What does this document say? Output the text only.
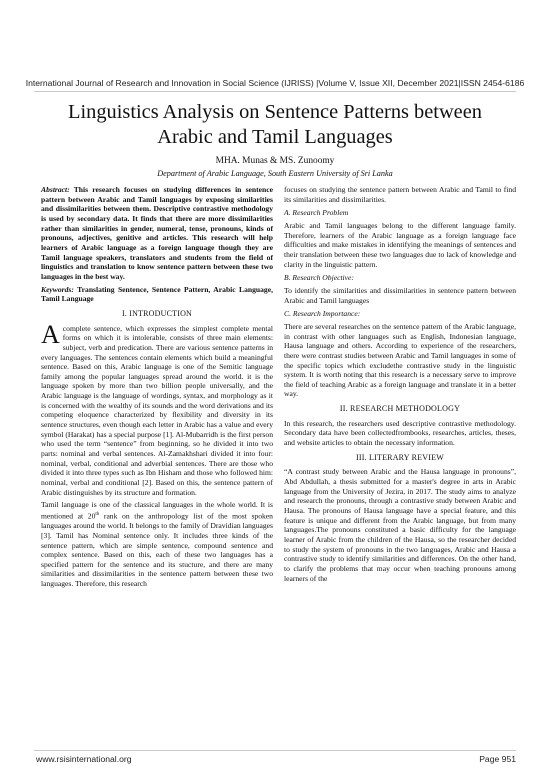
International Journal of Research and Innovation in Social Science (IJRISS) |Volume V, Issue XII, December 2021|ISSN 2454-6186
Linguistics Analysis on Sentence Patterns between
Arabic and Tamil Languages
MHA. Munas & MS. Zunoomy
Department of Arabic Language, South Eastern University of Sri Lanka

Abstract: This research focuses on studying differences in sentence pattern between Arabic and Tamil languages by exposing similarities and dissimilarities between them. Descriptive contrastive methodology is used by secondary data. It finds that there are more dissimilarities rather than similarities in gender, numeral, tense, pronouns, kinds of pronouns, adjectives, genitive and articles. This research will help learners of Arabic language as a foreign language though they are Tamil language speakers, translators and students from the field of linguistics and translation to know sentence pattern between these two languages in the best way.

Keywords: Translating Sentence, Sentence Pattern, Arabic Language, Tamil Language

I. INTRODUCTION

Acomplete sentence, which expresses the simplest complete mental forms on which it is intolerable, consists of three main elements: subject, verb and predication. There are various sentence patterns in every languages. The sentences contain elements which build a meaningful sentence. Based on this, Arabic language is one of the Semitic language family among the popular languages spread around the world. it is the language spoken by more than two billion people universally, and the Arabic language is the language of wordings, syntax, and morphology as it is concerned with the wealthy of its sounds and the word derivations and its competing eloquence characterized by flexibility and diversity in its sentence structures, even though each letter in Arabic has a value and every symbol (Harakat) has a special purpose [1]. Al-Mubarridh is the first person who used the term “sentence” from beginning, so he divided it into two parts: nominal and verbal sentences. Al-Zamakhshari divided it into four: nominal, verbal, conditional and adverbial sentences. There are those who divided it into three types such as Ibn Hisham and those who followed him: nominal, verbal and conditional [2]. Based on this, the sentence pattern of Arabic distinguishes by its structure and formation.

Tamil language is one of the classical languages in the whole world. It is mentioned at 20th rank on the anthropology list of the most spoken languages around the world. It belongs to the family of Dravidian languages [3]. Tamil has Nominal sentence only. It includes three kinds of the sentence pattern, which are simple sentence, compound sentence and complex sentence. Based on this, each of these two languages has a specified pattern for the sentence and its stucture, and there are many similarities and dissimilarities in the sentence pattern between these two languages. Therefore, this research

focuses on studying the sentence pattern between Arabic and Tamil to find its similarities and dissimilarities.

A. Research Problem

Arabic and Tamil languages belong to the different language family. Therefore, learners of the Arabic language as a foreign language face difficulties and make mistakes in identifying the meanings of sentences and their translation between these two languages due to lack of knowledge and clarity in the linguistic pattern.

B. Research Objective:

To identify the similarities and dissimilarities in sentence pattern between Arabic and Tamil languages

C. Research Importance:

There are several researches on the sentence pattern of the Arabic language, in contrast with other languages such as English, Indonesian language, Hausa language and others. According to experience of the researchers, there were contrast studies between Arabic and Tamil languages in some of the specific topics which excludethe contrastive study in the linguistic system. It is worth noting that this research is a necessary serve to improve the field of teaching Arabic as a foreign language and translate it in a better way.

II. RESEARCH METHODOLOGY

In this research, the researchers used descriptive contrastive methodology. Secondary data have been collectedfrombooks, researches, articles, theses, and website articles to obtain the necessary information.

III. LITERARY REVIEW

“A contrast study between Arabic and the Hausa language in pronouns”, Abd Abdullah, a thesis submitted for a master's degree in arts in Arabic language from the University of Jezira, in 2017. The study aims to analyze and research the pronouns, through a contrastive study between Arabic and Hausa. The pronouns of Hausa language have a special feature, and this feature is unique and different from the Arabic language, but from many languages.The pronouns constituted a basic difficulty for the language learner of Arabic from the children of the Hausa, so the researcher decided to study the system of pronouns in the two languages, Arabic and Hausa a contrastive study to identify similarities and differences. On the other hand, to clarify the problems that may occur when teaching pronouns among learners of the

www.rsisinternational.org	Page 951
